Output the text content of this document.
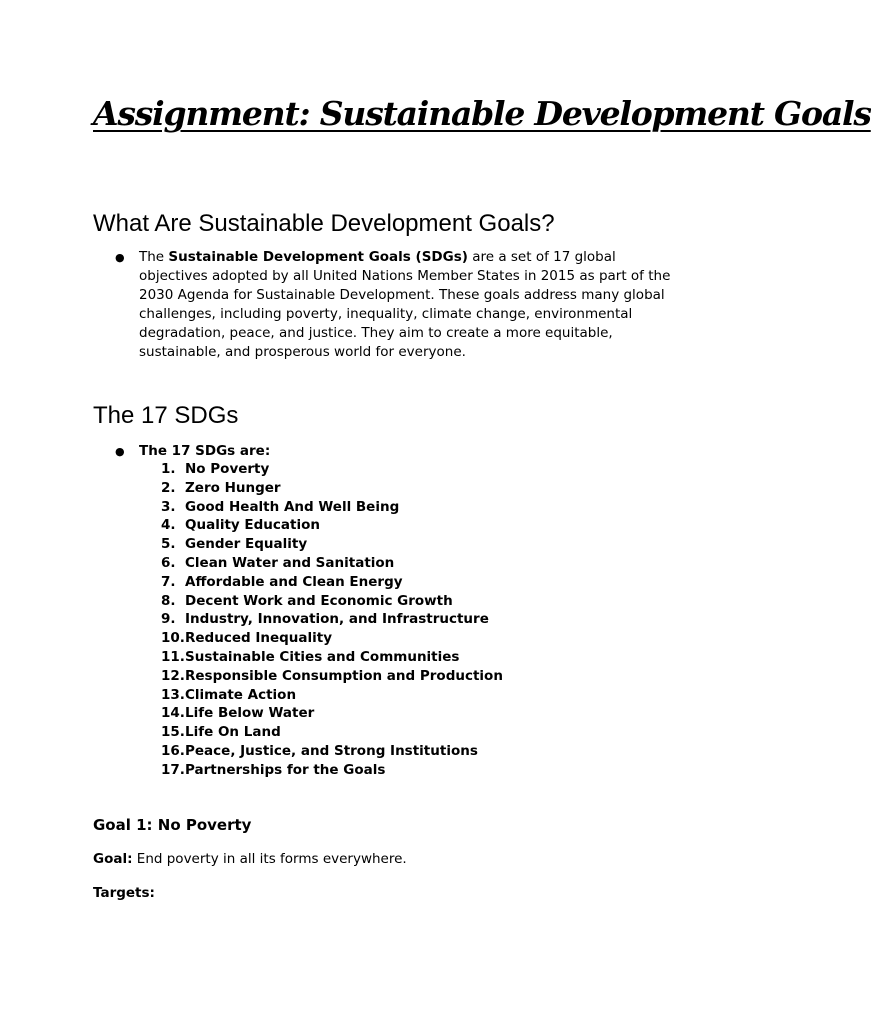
Assignment: Sustainable Development Goals
What Are Sustainable Development Goals?
● The Sustainable Development Goals (SDGs) are a set of 17 global objectives adopted by all United Nations Member States in 2015 as part of the 2030 Agenda for Sustainable Development. These goals address many global challenges, including poverty, inequality, climate change, environmental degradation, peace, and justice. They aim to create a more equitable, sustainable, and prosperous world for everyone.

The 17 SDGs
● The 17 SDGs are:

1. No Poverty
2. Zero Hunger
3. Good Health And Well Being
4. Quality Education
5. Gender Equality
6. Clean Water and Sanitation
7. Affordable and Clean Energy
8. Decent Work and Economic Growth
9. Industry, Innovation, and Infrastructure
10.Reduced Inequality
11.Sustainable Cities and Communities
12.Responsible Consumption and Production
13.Climate Action
14.Life Below Water
15.Life On Land
16.Peace, Justice, and Strong Institutions
17.Partnerships for the Goals
Goal 1: No Poverty

Goal: End poverty in all its forms everywhere.

Targets:
